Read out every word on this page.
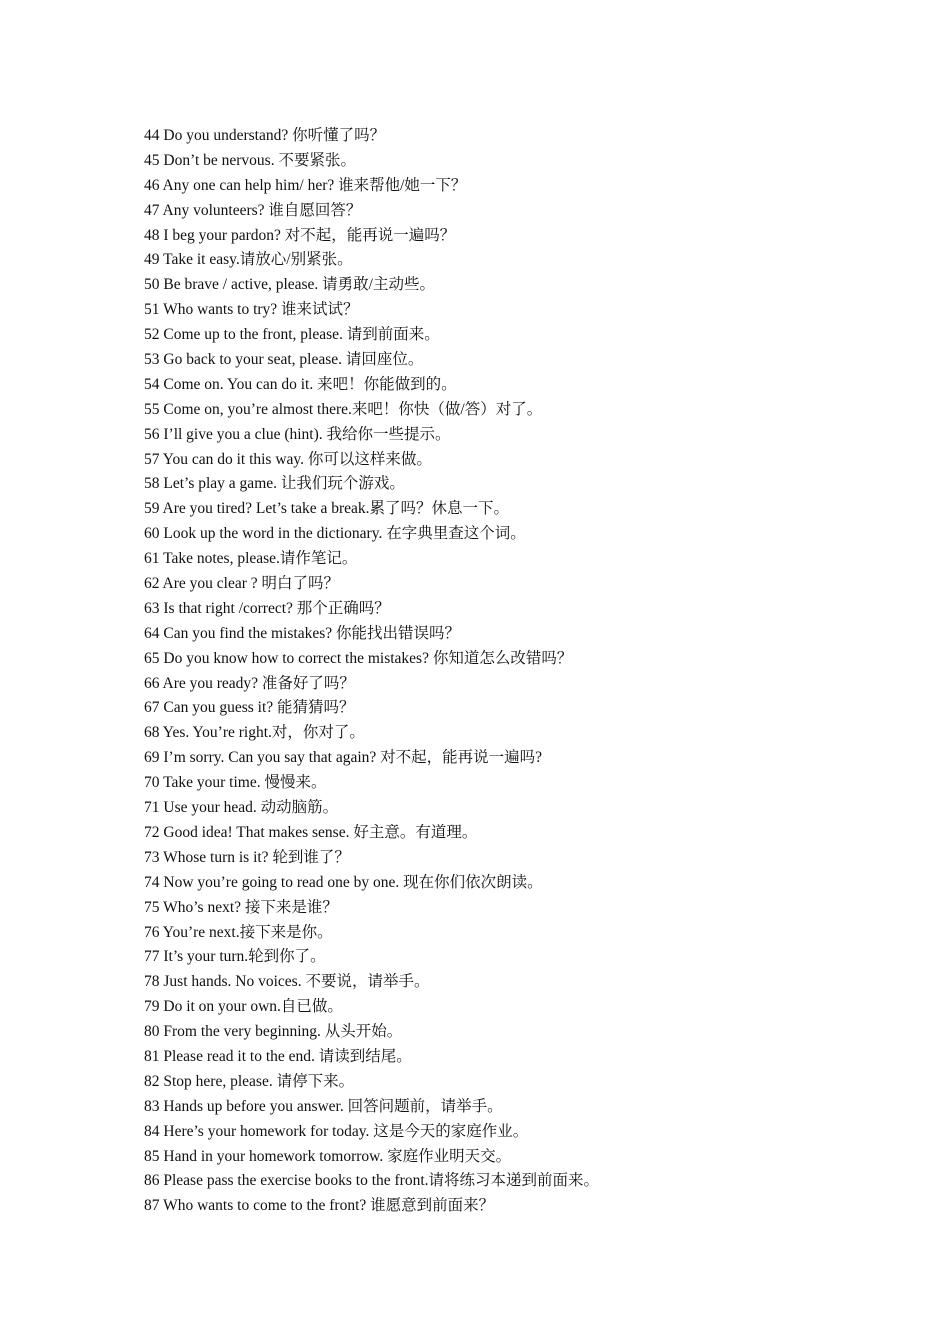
44 Do you understand? 你听懂了吗？
45 Don’t be nervous. 不要紧张。
46 Any one can help him/ her? 谁来帮他/她一下？
47 Any volunteers? 谁自愿回答？
48 I beg your pardon? 对不起，能再说一遍吗？
49 Take it easy.请放心/别紧张。
50 Be brave / active, please. 请勇敢/主动些。
51 Who wants to try? 谁来试试？
52 Come up to the front, please. 请到前面来。
53 Go back to your seat, please. 请回座位。
54 Come on. You can do it. 来吧！你能做到的。
55 Come on, you’re almost there.来吧！你快（做/答）对了。
56 I’ll give you a clue (hint). 我给你一些提示。
57 You can do it this way. 你可以这样来做。
58 Let’s play a game. 让我们玩个游戏。
59 Are you tired? Let’s take a break.累了吗？休息一下。
60 Look up the word in the dictionary. 在字典里查这个词。
61 Take notes, please.请作笔记。
62 Are you clear ? 明白了吗？
63 Is that right /correct? 那个正确吗？
64 Can you find the mistakes? 你能找出错误吗？
65 Do you know how to correct the mistakes? 你知道怎么改错吗？
66 Are you ready? 准备好了吗？
67 Can you guess it? 能猜猜吗？
68 Yes. You’re right.对，你对了。
69 I’m sorry. Can you say that again? 对不起，能再说一遍吗?
70 Take your time. 慢慢来。
71 Use your head. 动动脑筋。
72 Good idea! That makes sense. 好主意。有道理。
73 Whose turn is it? 轮到谁了？
74 Now you’re going to read one by one. 现在你们依次朗读。
75 Who’s next? 接下来是谁？
76 You’re next.接下来是你。
77 It’s your turn.轮到你了。
78 Just hands. No voices. 不要说，请举手。
79 Do it on your own.自已做。
80 From the very beginning. 从头开始。
81 Please read it to the end. 请读到结尾。
82 Stop here, please. 请停下来。
83 Hands up before you answer. 回答问题前，请举手。
84 Here’s your homework for today. 这是今天的家庭作业。
85 Hand in your homework tomorrow. 家庭作业明天交。
86 Please pass the exercise books to the front.请将练习本递到前面来。
87 Who wants to come to the front? 谁愿意到前面来？
